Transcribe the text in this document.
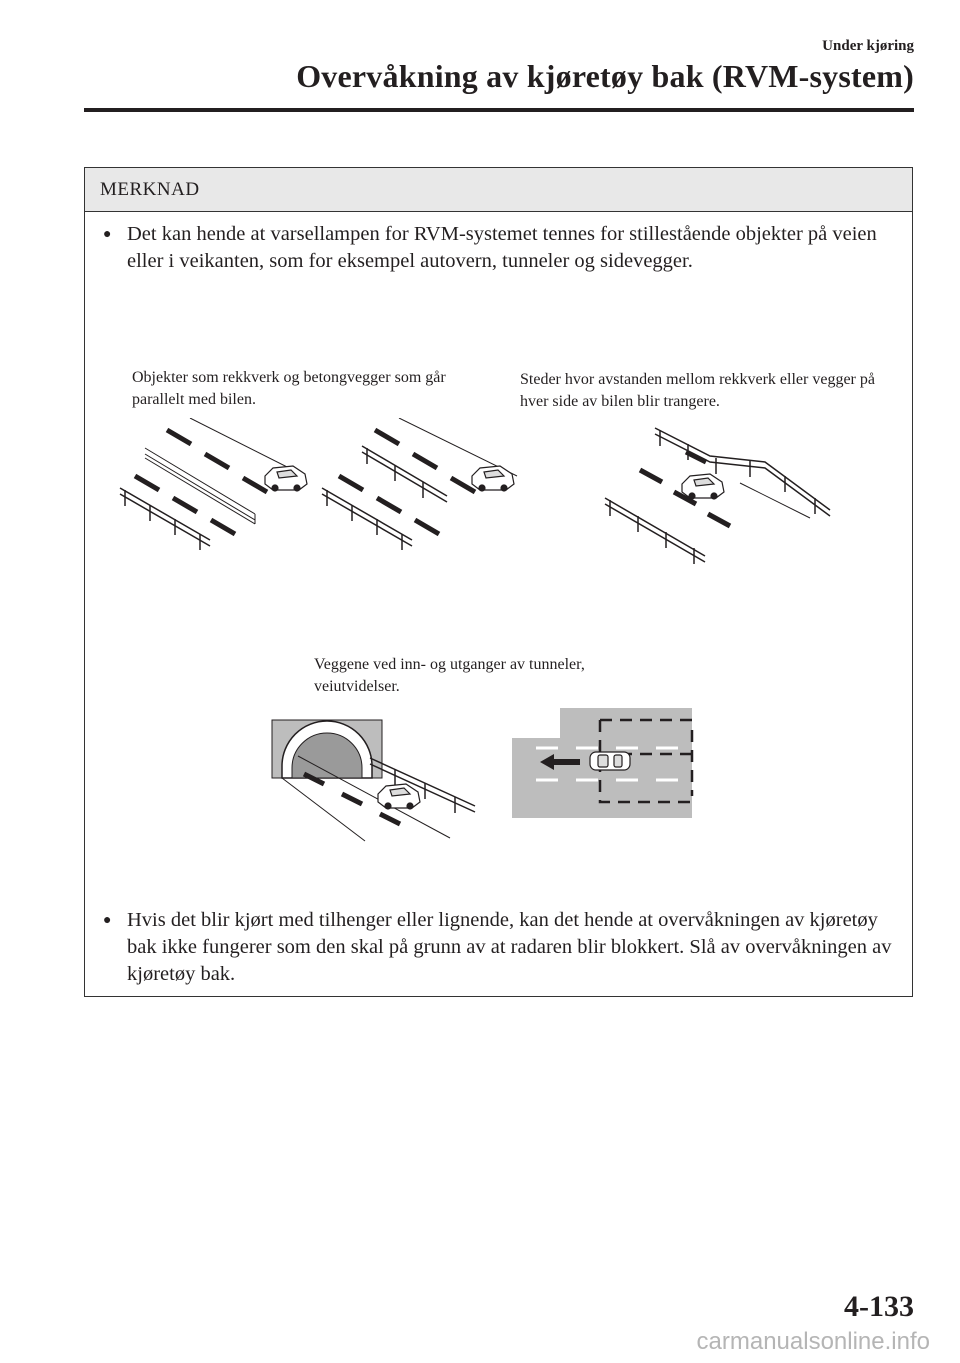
Under kjøring
Overvåkning av kjøretøy bak (RVM-system)
MERKNAD
● Det kan hende at varsellampen for RVM-systemet tennes for stillestående objekter på veien eller i veikanten, som for eksempel autovern, tunneler og sidevegger.
Objekter som rekkverk og betongvegger som går parallelt med bilen.
Steder hvor avstanden mellom rekkverk eller vegger på hver side av bilen blir trangere.
Veggene ved inn- og utganger av tunneler, veiutvidelser.
● Hvis det blir kjørt med tilhenger eller lignende, kan det hende at overvåkningen av kjøretøy bak ikke fungerer som den skal på grunn av at radaren blir blokkert. Slå av overvåkningen av kjøretøy bak.
4-133
carmanualsonline.info
